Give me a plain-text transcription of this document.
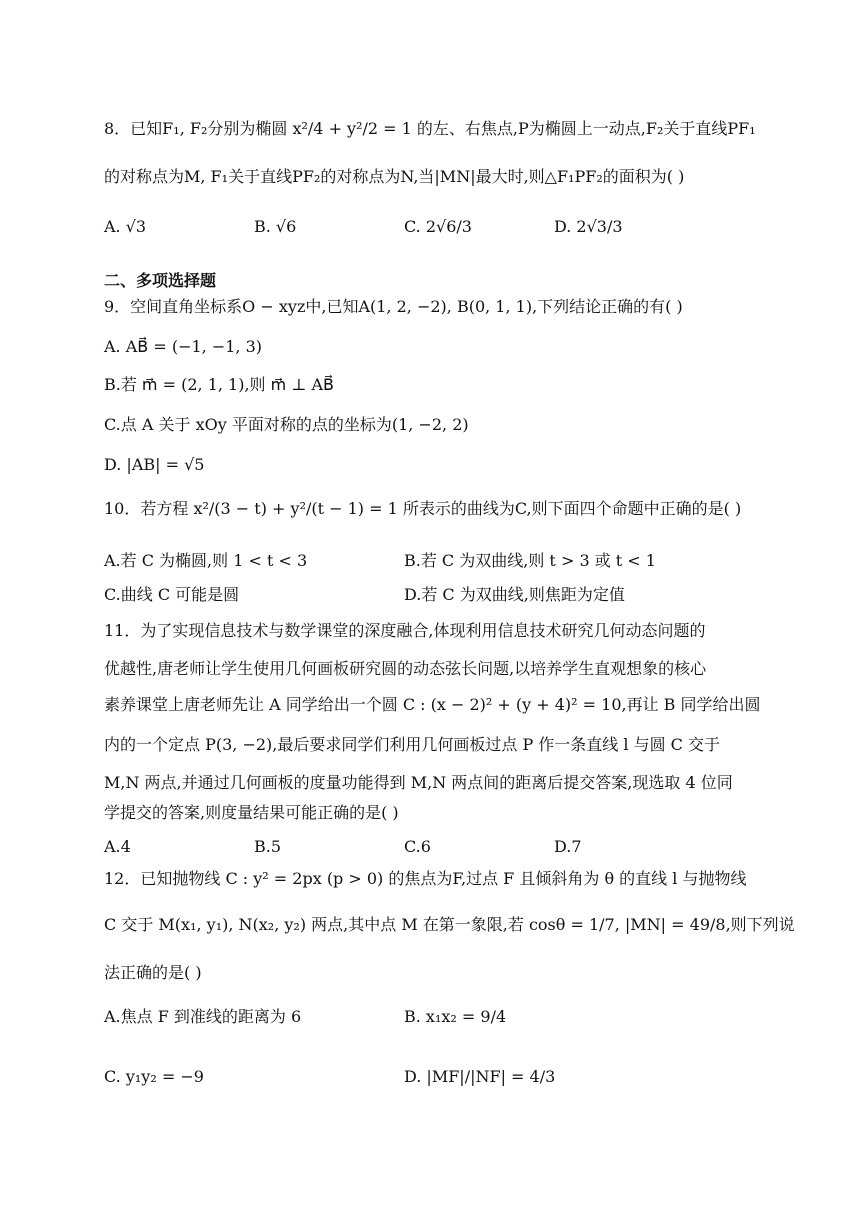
8．已知F₁, F₂分别为椭圆 x²/4 + y²/2 = 1 的左、右焦点,P为椭圆上一动点,F₂关于直线PF₁
的对称点为M, F₁关于直线PF₂的对称点为N,当|MN|最大时,则△F₁PF₂的面积为( )
A. √3	B. √6	C. 2√6/3	D. 2√3/3
二、多项选择题
9．空间直角坐标系O − xyz中,已知A(1, 2, −2), B(0, 1, 1),下列结论正确的有( )
A. AB⃗ = (−1, −1, 3)
B.若 m⃗ = (2, 1, 1),则 m⃗ ⊥ AB⃗
C.点 A 关于 xOy 平面对称的点的坐标为(1, −2, 2)
D. |AB| = √5
10．若方程 x²/(3 − t) + y²/(t − 1) = 1 所表示的曲线为C,则下面四个命题中正确的是( )
A.若 C 为椭圆,则 1 < t < 3	B.若 C 为双曲线,则 t > 3 或 t < 1
C.曲线 C 可能是圆	D.若 C 为双曲线,则焦距为定值
11．为了实现信息技术与数学课堂的深度融合,体现利用信息技术研究几何动态问题的
优越性,唐老师让学生使用几何画板研究圆的动态弦长问题,以培养学生直观想象的核心
素养课堂上唐老师先让 A 同学给出一个圆 C : (x − 2)² + (y + 4)² = 10,再让 B 同学给出圆
内的一个定点 P(3, −2),最后要求同学们利用几何画板过点 P 作一条直线 l 与圆 C 交于
M,N 两点,并通过几何画板的度量功能得到 M,N 两点间的距离后提交答案,现选取 4 位同
学提交的答案,则度量结果可能正确的是( )
A.4	B.5	C.6	D.7
12．已知抛物线 C : y² = 2px (p > 0) 的焦点为F,过点 F 且倾斜角为 θ 的直线 l 与抛物线
C 交于 M(x₁, y₁), N(x₂, y₂) 两点,其中点 M 在第一象限,若 cosθ = 1/7, |MN| = 49/8,则下列说
法正确的是( )
A.焦点 F 到准线的距离为 6	B. x₁x₂ = 9/4
C. y₁y₂ = −9	D. |MF|/|NF| = 4/3
